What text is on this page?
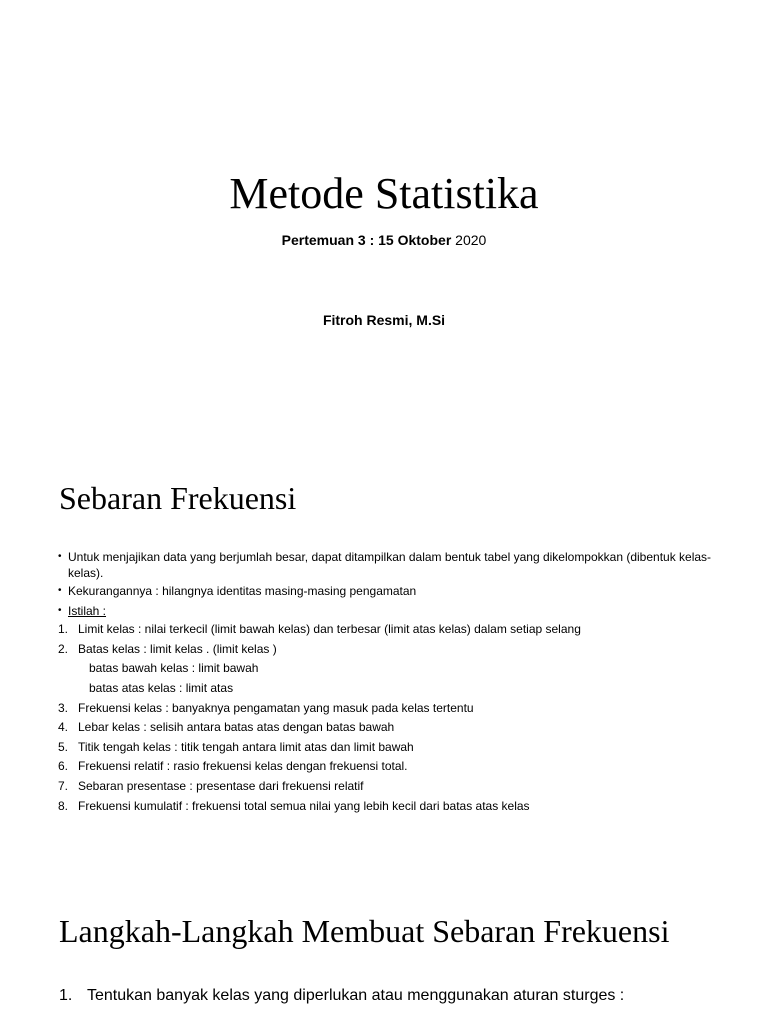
Metode Statistika
Pertemuan 3 : 15 Oktober 2020
Fitroh Resmi, M.Si
Sebaran Frekuensi
• Untuk menjajikan data yang berjumlah besar, dapat ditampilkan dalam bentuk tabel yang dikelompokkan (dibentuk kelas-kelas).
• Kekurangannya : hilangnya identitas masing-masing pengamatan
• Istilah :
1. Limit kelas : nilai terkecil (limit bawah kelas) dan terbesar (limit atas kelas) dalam setiap selang
2. Batas kelas : limit kelas . (limit kelas )
batas bawah kelas : limit bawah
batas atas kelas : limit atas
3. Frekuensi kelas : banyaknya pengamatan yang masuk pada kelas tertentu
4. Lebar kelas : selisih antara batas atas dengan batas bawah
5. Titik tengah kelas : titik tengah antara limit atas dan limit bawah
6. Frekuensi relatif : rasio frekuensi kelas dengan frekuensi total.
7. Sebaran presentase : presentase dari frekuensi relatif
8. Frekuensi kumulatif : frekuensi total semua nilai yang lebih kecil dari batas atas kelas
Langkah-Langkah Membuat Sebaran Frekuensi
1. Tentukan banyak kelas yang diperlukan atau menggunakan aturan sturges :
